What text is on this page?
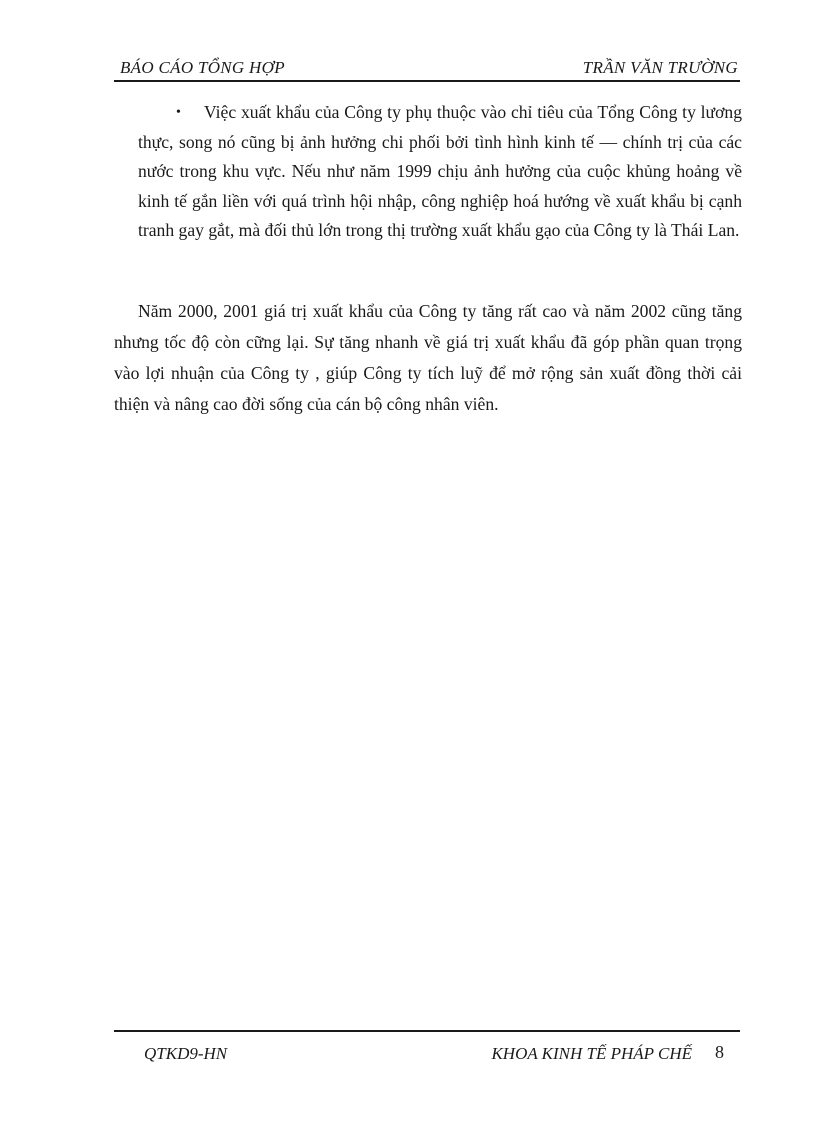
BÁO CÁO TỔNG HỢP	TRẦN VĂN TRƯỜNG
•	Việc xuất khẩu của Công ty phụ thuộc vào chỉ tiêu của Tổng Công ty lương thực, song nó cũng bị ảnh hưởng chi phối bởi tình hình kinh tế — chính trị của các nước trong khu vực. Nếu như năm 1999 chịu ảnh hưởng của cuộc khủng hoảng về kinh tế gắn liền với quá trình hội nhập, công nghiệp hoá hướng về xuất khẩu bị cạnh tranh gay gắt, mà đối thủ lớn trong thị trường xuất khẩu gạo của Công ty là Thái Lan.

Năm 2000, 2001 giá trị xuất khẩu của Công ty tăng rất cao và năm 2002 cũng tăng nhưng tốc độ còn cững lại. Sự tăng nhanh về giá trị xuất khẩu đã góp phần quan trọng vào lợi nhuận của Công ty , giúp Công ty tích luỹ để mở rộng sản xuất đồng thời cải thiện và nâng cao đời sống của cán bộ công nhân viên.

QTKD9-HN	KHOA KINH TẾ PHÁP CHẾ 8
